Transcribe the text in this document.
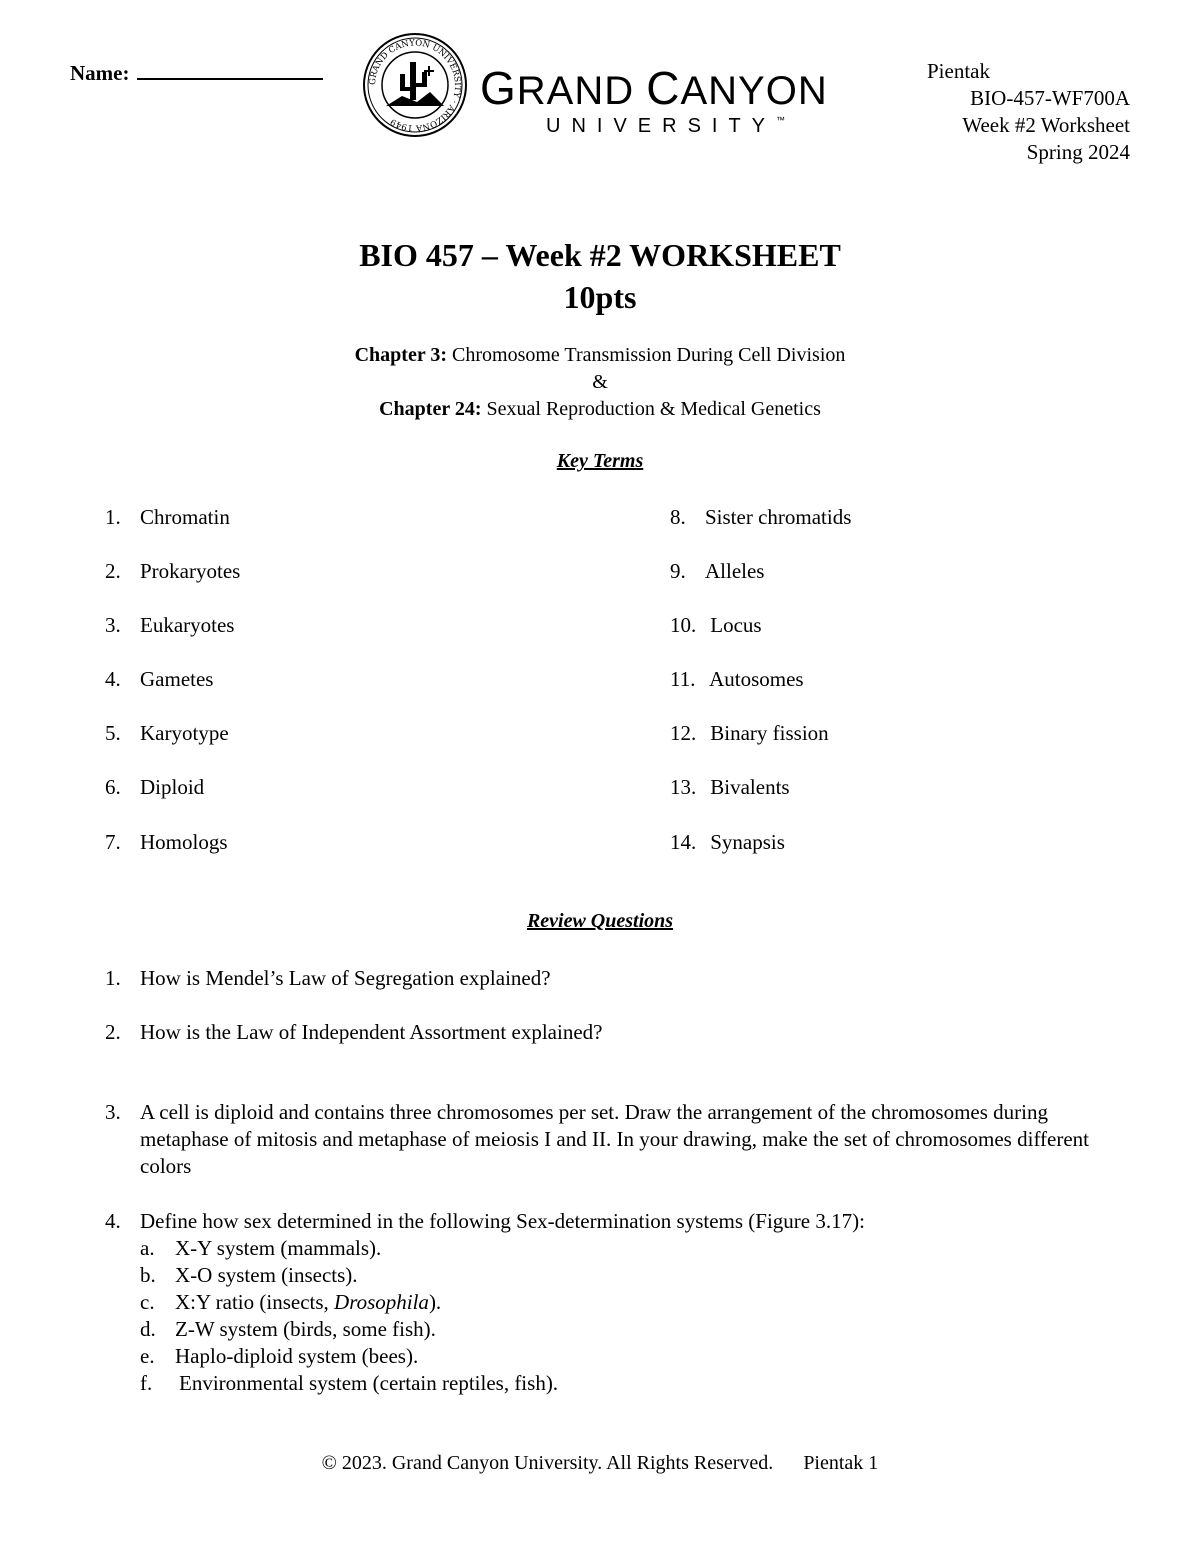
Name:	GRAND CANYON UNIVERSITY · ARIZONA 1949
GRAND CANYON
UNIVERSITY™
Pientak
BIO-457-WF700A
Week #2 Worksheet
Spring 2024
BIO 457 – Week #2 WORKSHEET
10pts
Chapter 3: Chromosome Transmission During Cell Division
&
Chapter 24: Sexual Reproduction & Medical Genetics
Key Terms
1. Chromatin
2. Prokaryotes
3. Eukaryotes
4. Gametes
5. Karyotype
6. Diploid
7. Homologs
8. Sister chromatids
9. Alleles
10. Locus
11. Autosomes
12. Binary fission
13. Bivalents
14. Synapsis
Review Questions
1. How is Mendel’s Law of Segregation explained?
2. How is the Law of Independent Assortment explained?
3. A cell is diploid and contains three chromosomes per set. Draw the arrangement of the chromosomes during metaphase of mitosis and metaphase of meiosis I and II. In your drawing, make the set of chromosomes different colors
4. Define how sex determined in the following Sex-determination systems (Figure 3.17):
a. X-Y system (mammals).
b. X-O system (insects).
c. X:Y ratio (insects, Drosophila).
d. Z-W system (birds, some fish).
e. Haplo-diploid system (bees).
f. Environmental system (certain reptiles, fish).
© 2023. Grand Canyon University. All Rights Reserved. Pientak 1
